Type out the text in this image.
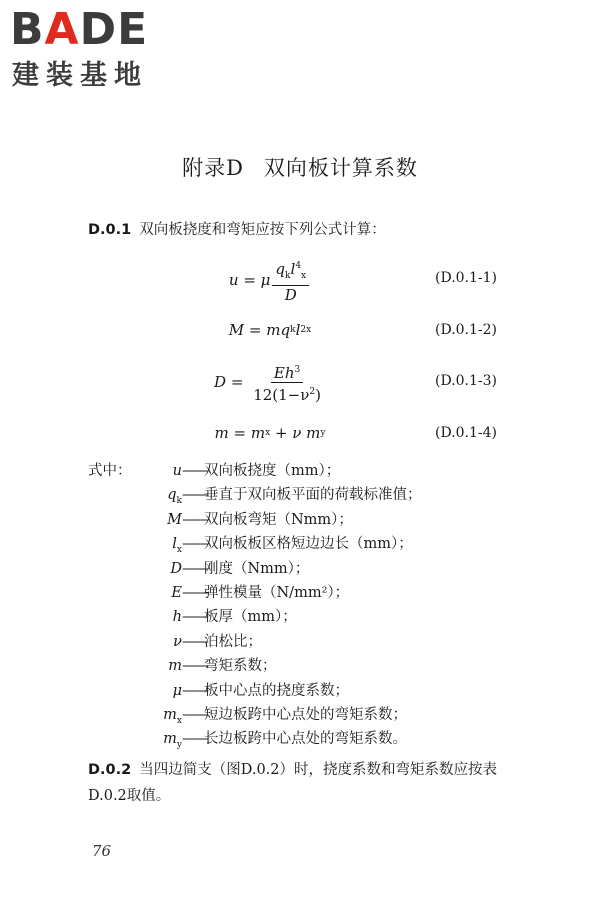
BADE
建装基地
附录D 双向板计算系数
D.0.1 双向板挠度和弯矩应按下列公式计算：
u
=
μ $\frac{q_kl^4_x}{D}$	(D.0.1-1)
M
=
mq k l 2 x	(D.0.1-2)
D
=
$\frac{Eh^3}{12(1-\nu^2)}$	(D.0.1-3)
m
=
m x
+
ν m y	(D.0.1-4)
式中：	u ——
双向板挠度（mm）；
$q_k$ ——
垂直于双向板平面的荷载标准值；
M ——
双向板弯矩（Nmm）；
$l_x$ ——
双向板板区格短边边长（mm）；
D ——
刚度（Nmm）；
E ——
弹性模量（N/mm²）；
h ——
板厚（mm）；
ν ——
泊松比；
m ——
弯矩系数；
μ ——
板中心点的挠度系数；
$m_x$ ——
短边板跨中心点处的弯矩系数；
$m_y$ ——
长边板跨中心点处的弯矩系数。
D.0.2 当四边简支（图D.0.2）时，挠度系数和弯矩系数应按表D.0.2取值。
76
